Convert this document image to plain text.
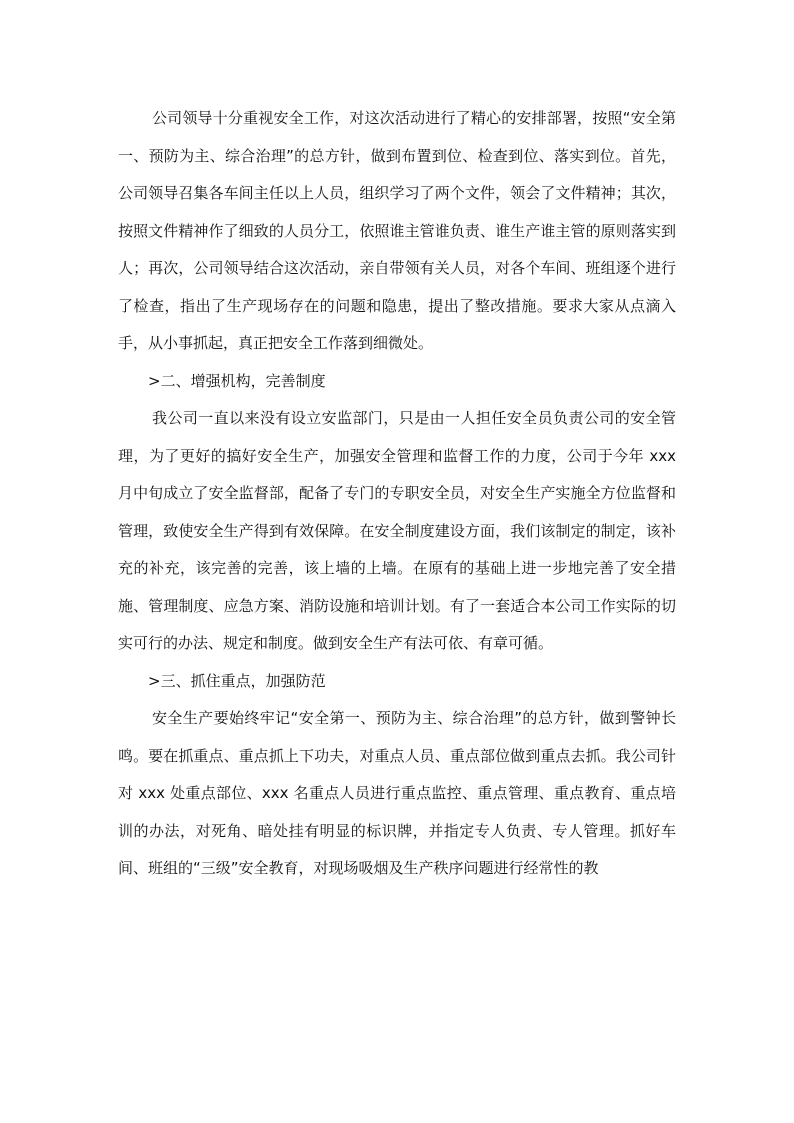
公司领导十分重视安全工作，对这次活动进行了精心的安排部署，按照“安全第一、预防为主、综合治理”的总方针，做到布置到位、检查到位、落实到位。首先，公司领导召集各车间主任以上人员，组织学习了两个文件，领会了文件精神；其次，按照文件精神作了细致的人员分工，依照谁主管谁负责、谁生产谁主管的原则落实到人；再次，公司领导结合这次活动，亲自带领有关人员，对各个车间、班组逐个进行了检查，指出了生产现场存在的问题和隐患，提出了整改措施。要求大家从点滴入手，从小事抓起，真正把安全工作落到细微处。

>二、增强机构，完善制度

我公司一直以来没有设立安监部门，只是由一人担任安全员负责公司的安全管理，为了更好的搞好安全生产，加强安全管理和监督工作的力度，公司于今年 xxx 月中旬成立了安全监督部，配备了专门的专职安全员，对安全生产实施全方位监督和管理，致使安全生产得到有效保障。在安全制度建设方面，我们该制定的制定，该补充的补充，该完善的完善，该上墙的上墙。在原有的基础上进一步地完善了安全措施、管理制度、应急方案、消防设施和培训计划。有了一套适合本公司工作实际的切实可行的办法、规定和制度。做到安全生产有法可依、有章可循。

>三、抓住重点，加强防范

安全生产要始终牢记“安全第一、预防为主、综合治理”的总方针，做到警钟长鸣。要在抓重点、重点抓上下功夫，对重点人员、重点部位做到重点去抓。我公司针对 xxx 处重点部位、xxx 名重点人员进行重点监控、重点管理、重点教育、重点培训的办法，对死角、暗处挂有明显的标识牌，并指定专人负责、专人管理。抓好车间、班组的“三级”安全教育，对现场吸烟及生产秩序问题进行经常性的教
